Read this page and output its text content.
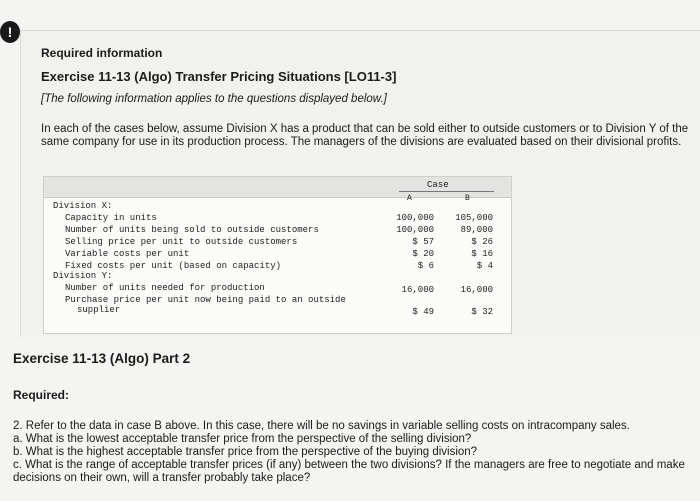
!
Required information
Exercise 11-13 (Algo) Transfer Pricing Situations [LO11-3]
[The following information applies to the questions displayed below.]
In each of the cases below, assume Division X has a product that can be sold either to outside customers or to Division Y of the same company for use in its production process. The managers of the divisions are evaluated based on their divisional profits.
Case
A	B
Division X:
Capacity in units	100,000	105,000
Number of units being sold to outside customers	100,000	89,000
Selling price per unit to outside customers	$ 57	$ 26
Variable costs per unit	$ 20	$ 16
Fixed costs per unit (based on capacity)	$ 6	$ 4
Division Y:
Number of units needed for production	16,000	16,000
Purchase price per unit now being paid to an outside
supplier	$ 49	$ 32
Exercise 11-13 (Algo) Part 2
Required:
2. Refer to the data in case B above. In this case, there will be no savings in variable selling costs on intracompany sales.
a. What is the lowest acceptable transfer price from the perspective of the selling division?
b. What is the highest acceptable transfer price from the perspective of the buying division?
c. What is the range of acceptable transfer prices (if any) between the two divisions? If the managers are free to negotiate and make
decisions on their own, will a transfer probably take place?
